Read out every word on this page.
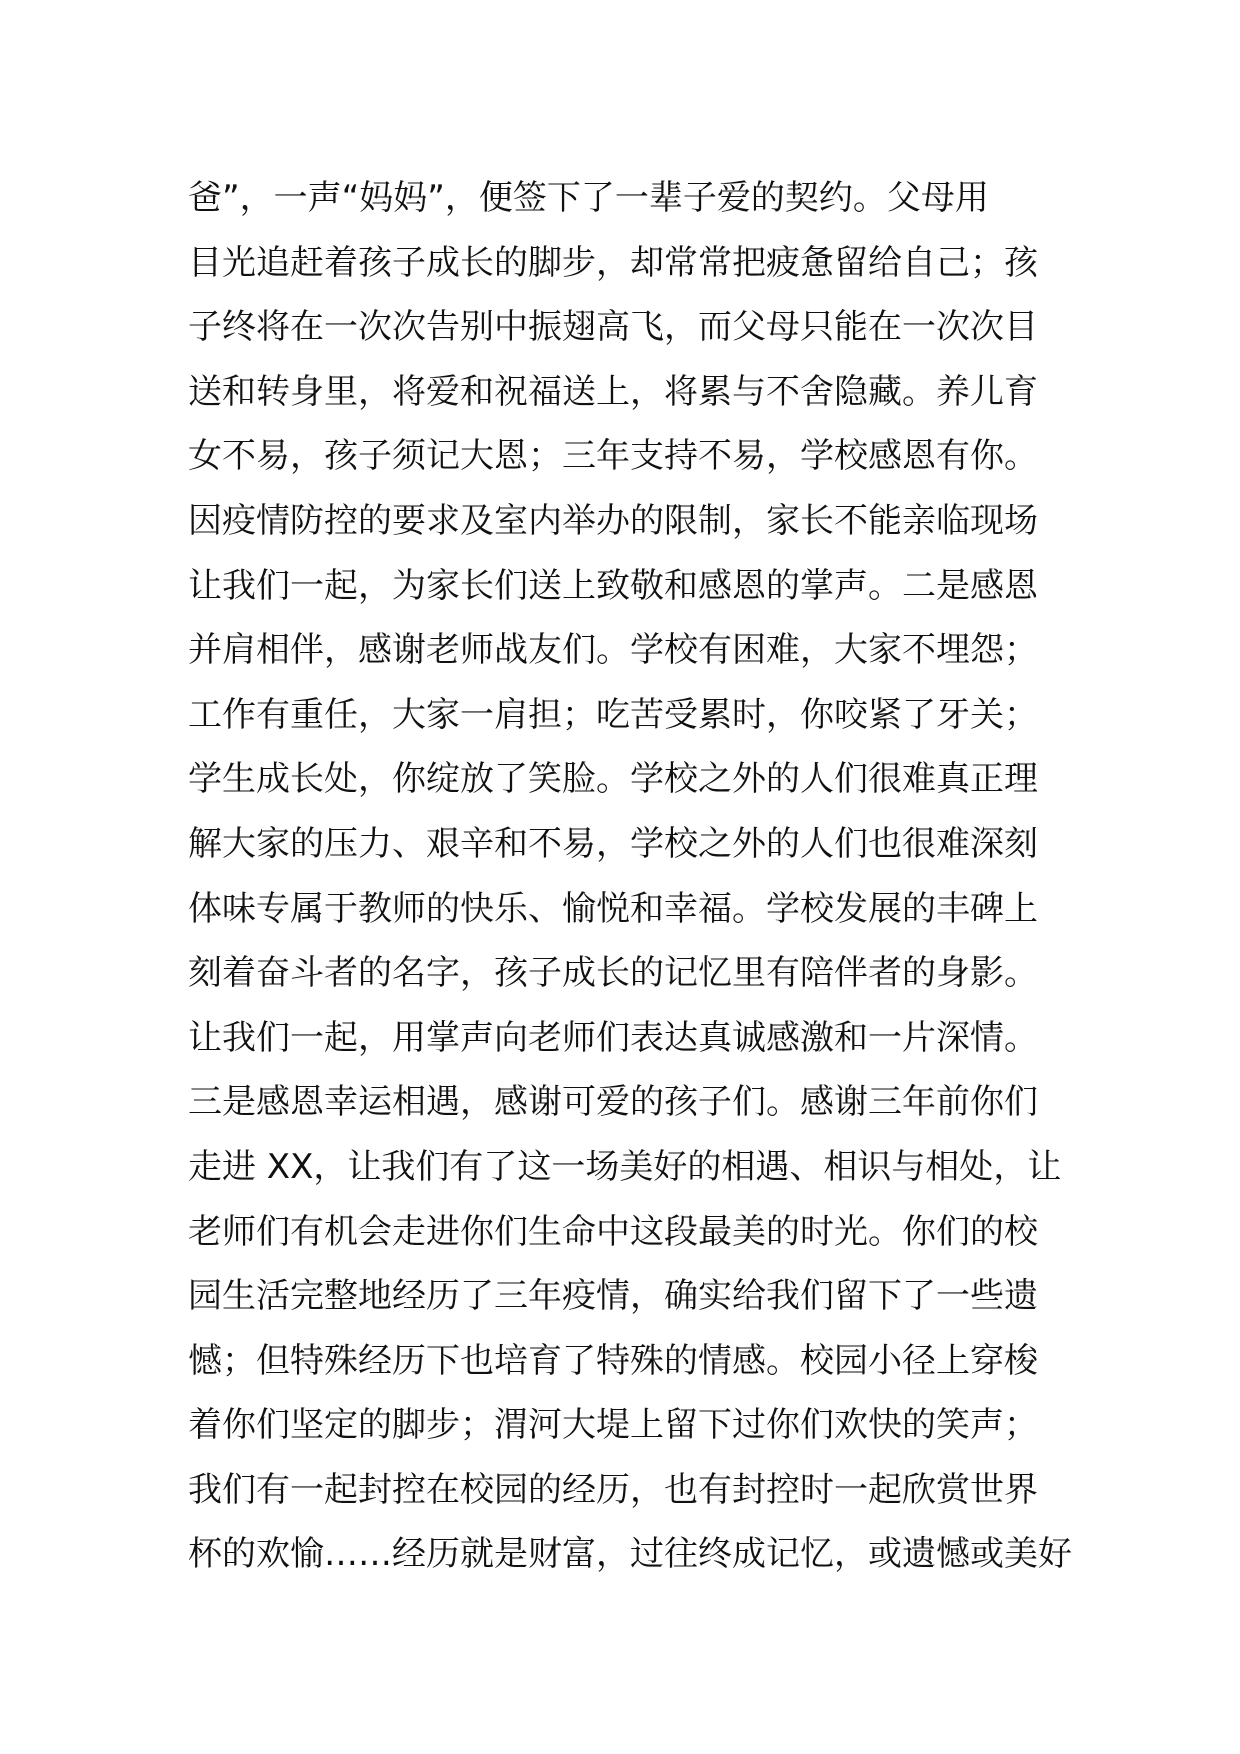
爸”，一声“妈妈”，便签下了一辈子爱的契约。父母用
目光追赶着孩子成长的脚步，却常常把疲惫留给自己；孩
子终将在一次次告别中振翅高飞，而父母只能在一次次目
送和转身里，将爱和祝福送上，将累与不舍隐藏。养儿育
女不易，孩子须记大恩；三年支持不易，学校感恩有你。
因疫情防控的要求及室内举办的限制，家长不能亲临现场
让我们一起，为家长们送上致敬和感恩的掌声。二是感恩
并肩相伴，感谢老师战友们。学校有困难，大家不埋怨；
工作有重任，大家一肩担；吃苦受累时，你咬紧了牙关；
学生成长处，你绽放了笑脸。学校之外的人们很难真正理
解大家的压力、艰辛和不易，学校之外的人们也很难深刻
体味专属于教师的快乐、愉悦和幸福。学校发展的丰碑上
刻着奋斗者的名字，孩子成长的记忆里有陪伴者的身影。
让我们一起，用掌声向老师们表达真诚感激和一片深情。
三是感恩幸运相遇，感谢可爱的孩子们。感谢三年前你们
走进 XX，让我们有了这一场美好的相遇、相识与相处，让
老师们有机会走进你们生命中这段最美的时光。你们的校
园生活完整地经历了三年疫情，确实给我们留下了一些遗
憾；但特殊经历下也培育了特殊的情感。校园小径上穿梭
着你们坚定的脚步；渭河大堤上留下过你们欢快的笑声；
我们有一起封控在校园的经历，也有封控时一起欣赏世界
杯的欢愉……经历就是财富，过往终成记忆，或遗憾或美好
